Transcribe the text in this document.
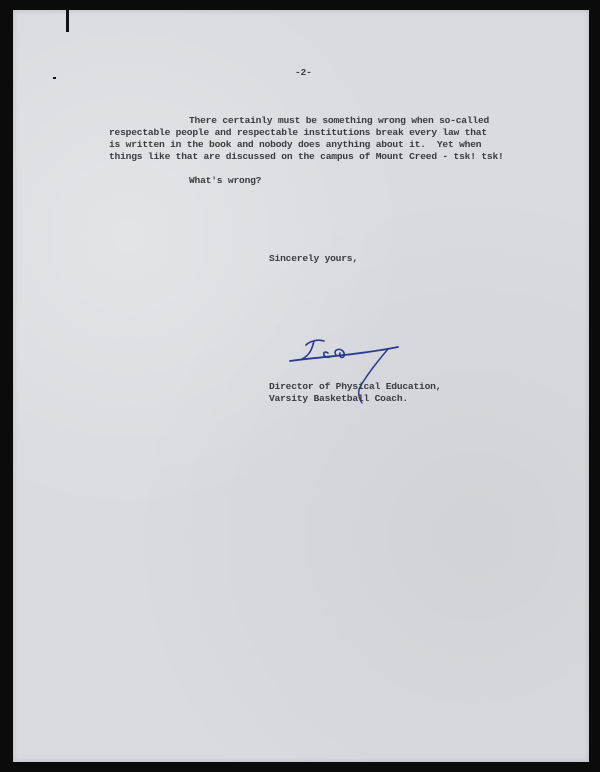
-2-
There certainly must be something wrong when so-called
respectable people and respectable institutions break every law that
is written in the book and nobody does anything about it.  Yet when
things like that are discussed on the campus of Mount Creed - tsk! tsk!
What's wrong?
Sincerely yours,
Director of Physical Education,
Varsity Basketball Coach.
